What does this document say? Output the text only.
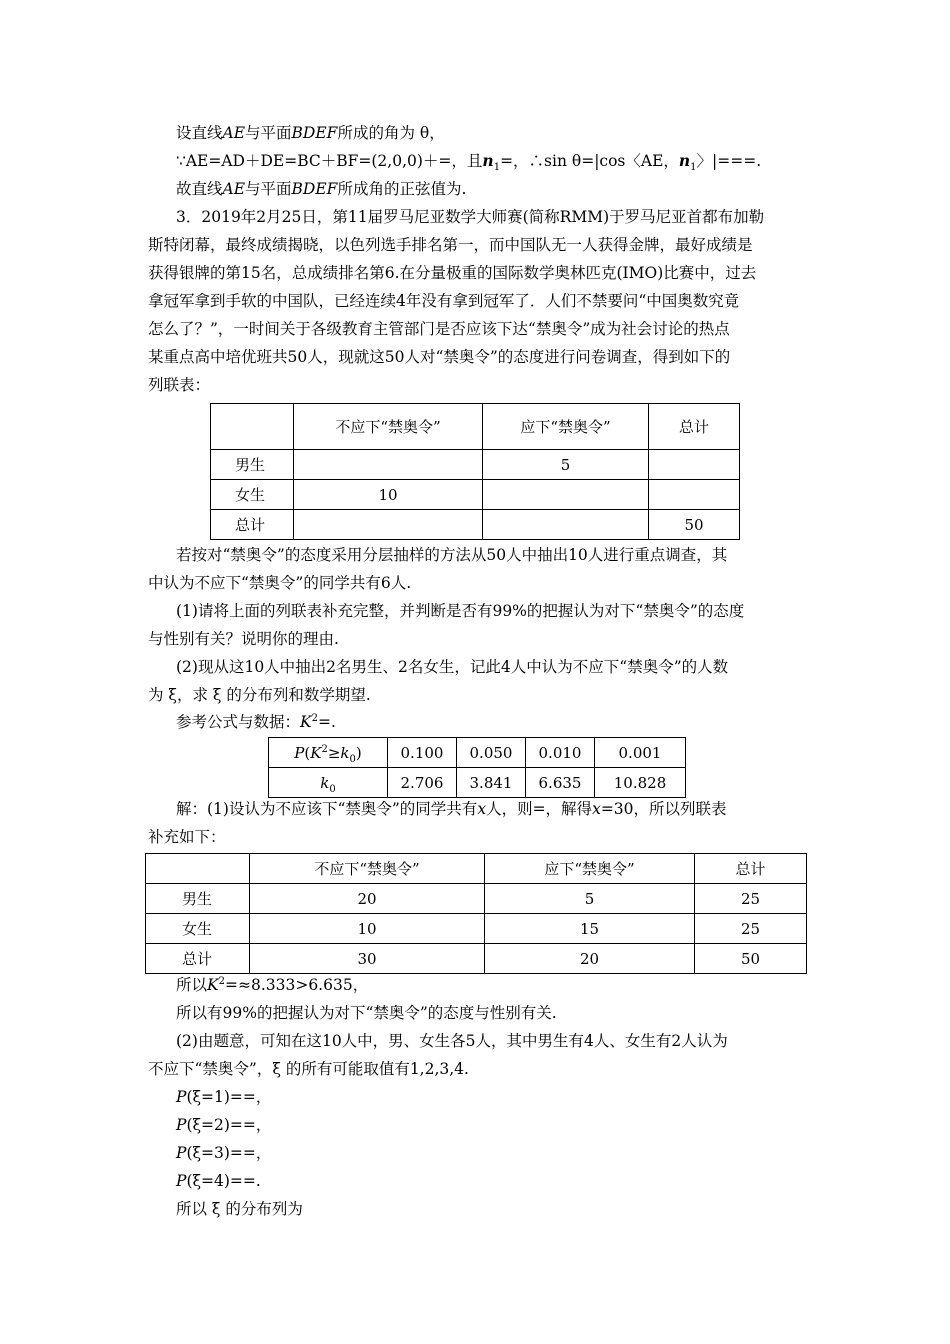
设直线AE与平面BDEF所成的角为 θ，
∵AE=AD＋DE=BC＋BF=(2,0,0)＋=，且$n_1=$，∴sin θ=|cos〈AE，$n_1$〉|===.
故直线AE与平面BDEF所成角的正弦值为.
3．2019年2月25日，第11届罗马尼亚数学大师赛(简称RMM)于罗马尼亚首都布加勒
斯特闭幕，最终成绩揭晓，以色列选手排名第一，而中国队无一人获得金牌，最好成绩是
获得银牌的第15名，总成绩排名第6.在分量极重的国际数学奥林匹克(IMO)比赛中，过去
拿冠军拿到手软的中国队，已经连续4年没有拿到冠军了．人们不禁要问“中国奥数究竟
怎么了？”，一时间关于各级教育主管部门是否应该下达“禁奥令”成为社会讨论的热点
某重点高中培优班共50人，现就这50人对“禁奥令”的态度进行问卷调查，得到如下的
列联表：
	不应下“禁奥令”	应下“禁奥令”	总计
男生		5	
女生	10		
总计			50
若按对“禁奥令”的态度采用分层抽样的方法从50人中抽出10人进行重点调查，其
中认为不应下“禁奥令”的同学共有6人.
(1)请将上面的列联表补充完整，并判断是否有99%的把握认为对下“禁奥令”的态度
与性别有关？说明你的理由.
(2)现从这10人中抽出2名男生、2名女生，记此4人中认为不应下“禁奥令”的人数
为 ξ，求 ξ 的分布列和数学期望.
参考公式与数据：$K^2=$.
$P(K^2\ge k_0)$	0.100	0.050	0.010	0.001
$k_0$	2.706	3.841	6.635	10.828
解：(1)设认为不应该下“禁奥令”的同学共有x人，则=，解得x=30，所以列联表
补充如下：
	不应下“禁奥令”	应下“禁奥令”	总计
男生	20	5	25
女生	10	15	25
总计	30	20	50
所以$K^2=\approx 8.333>6.635$，
所以有99%的把握认为对下“禁奥令”的态度与性别有关.
(2)由题意，可知在这10人中，男、女生各5人，其中男生有4人、女生有2人认为
不应下“禁奥令”，ξ 的所有可能取值有1,2,3,4.
P(ξ=1)==，
P(ξ=2)==，
P(ξ=3)==，
P(ξ=4)==.
所以 ξ 的分布列为
